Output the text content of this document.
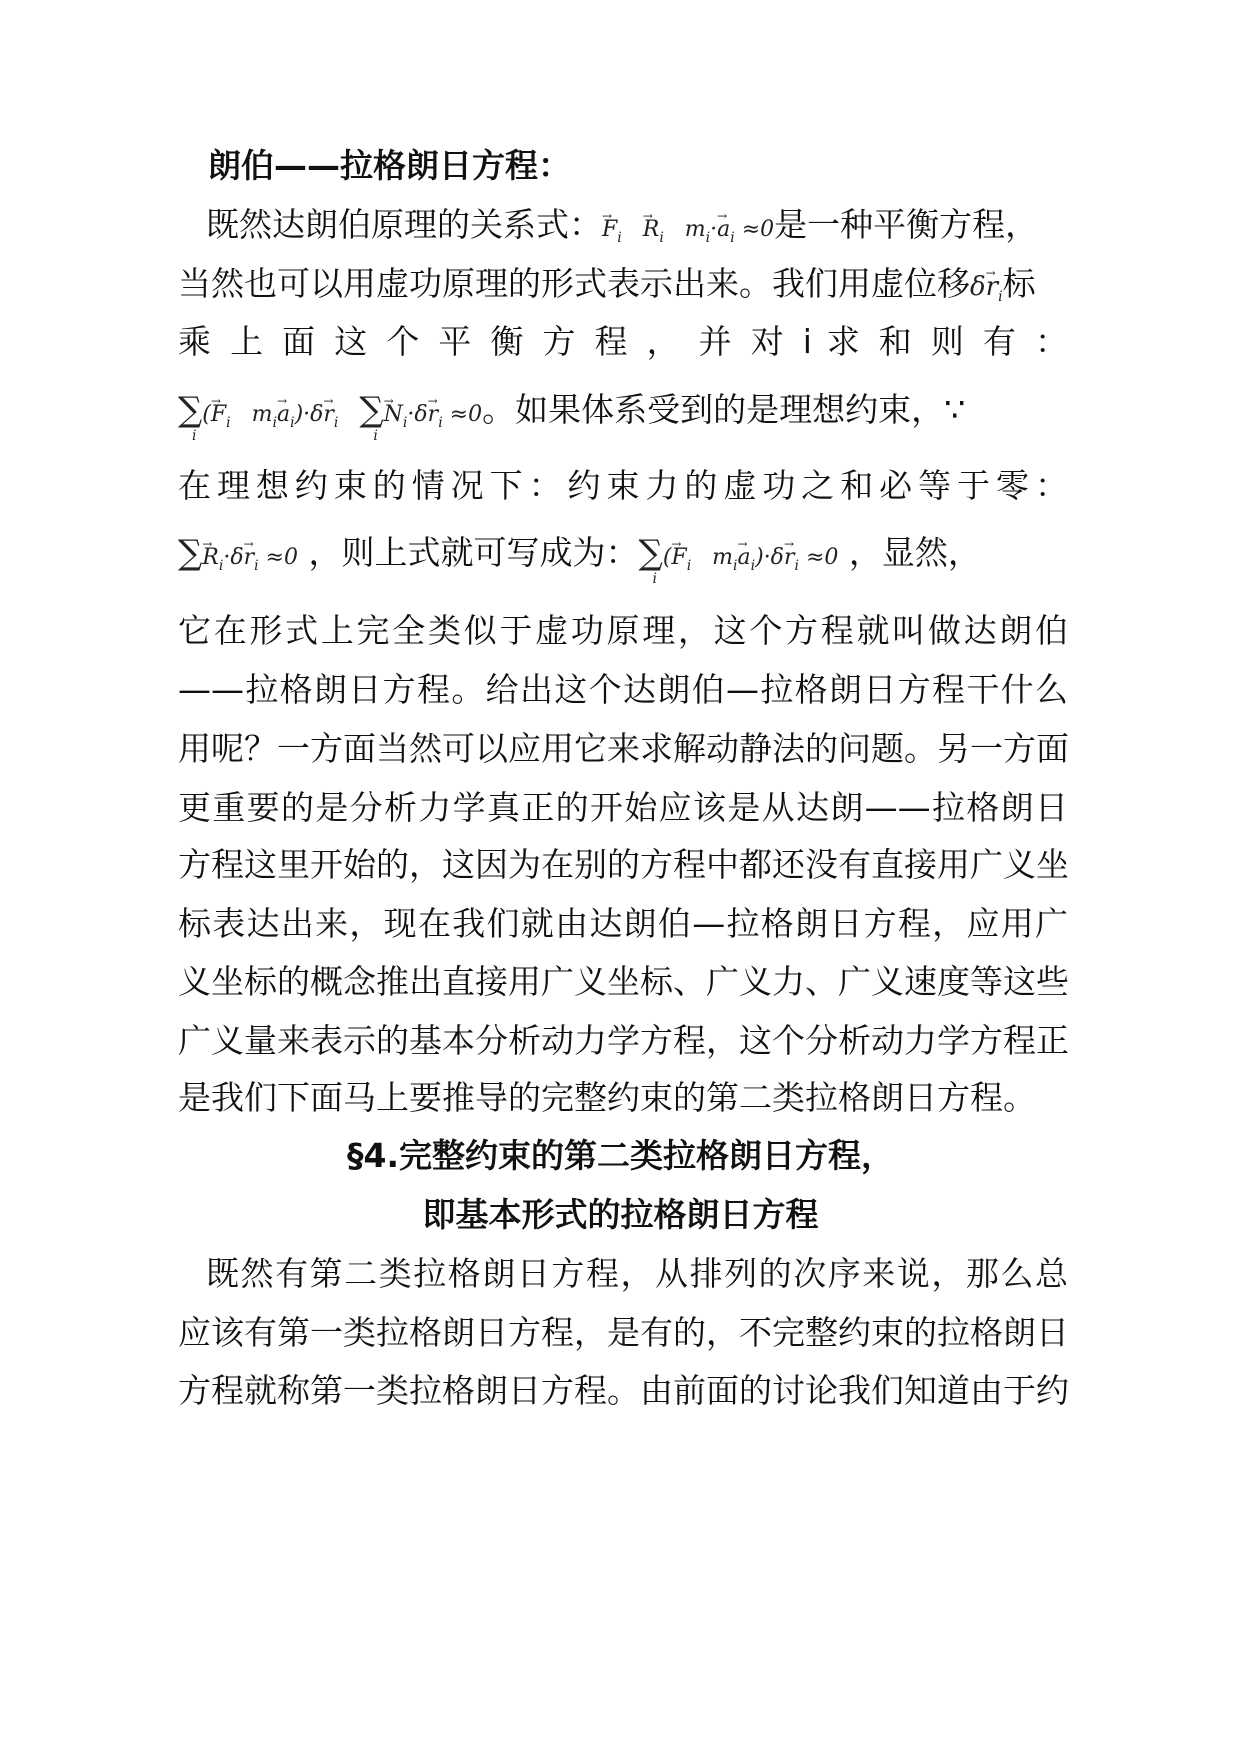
朗伯——拉格朗日方程：
既然达朗伯原理的关系式：→ $F_i \to R_i$   $m_i\cdot\to a_i \approx 0$是一种平衡方程，
当然也可以用虚功原理的形式表示出来。我们用虚位移$\delta\to r_i$标
乘 上 面 这 个 平 衡 方 程 ， 并 对 i 求 和 则 有 ：
∑
i
(→ $F_i$   $m_i\to a_i)\cdot\delta\to r_i$ ∑
i
→ $N_i\cdot\delta\to r_i \approx 0$。如果体系受到的是理想约束，∵
在理想约束的情况下：约束力的虚功之和必等于零：
∑→ $R_i\cdot\delta\to r_i \approx 0$ ，则上式就可写成为：∑
i
(→ $F_i$   $m_i\to a_i)\cdot\delta\to r_i \approx 0$ ，显然，
它在形式上完全类似于虚功原理，这个方程就叫做达朗伯
——拉格朗日方程。给出这个达朗伯—拉格朗日方程干什么
用呢？一方面当然可以应用它来求解动静法的问题。另一方面
更重要的是分析力学真正的开始应该是从达朗——拉格朗日
方程这里开始的，这因为在别的方程中都还没有直接用广义坐
标表达出来，现在我们就由达朗伯—拉格朗日方程，应用广
义坐标的概念推出直接用广义坐标、广义力、广义速度等这些
广义量来表示的基本分析动力学方程，这个分析动力学方程正
是我们下面马上要推导的完整约束的第二类拉格朗日方程。
§4.完整约束的第二类拉格朗日方程，
即基本形式的拉格朗日方程
既然有第二类拉格朗日方程，从排列的次序来说，那么总
应该有第一类拉格朗日方程，是有的，不完整约束的拉格朗日
方程就称第一类拉格朗日方程。由前面的讨论我们知道由于约
